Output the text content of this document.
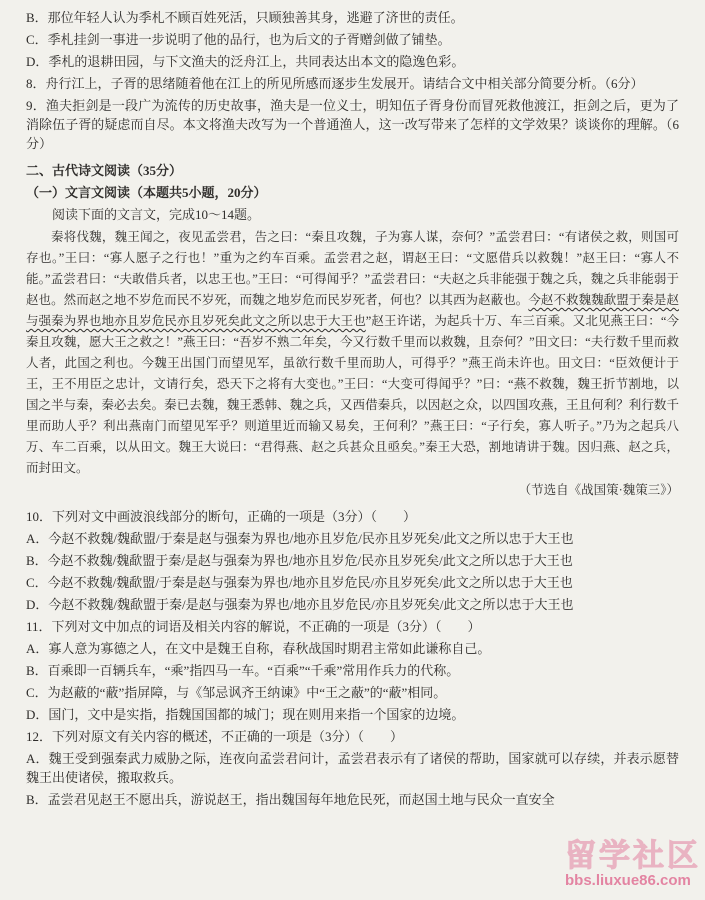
B．那位年轻人认为季札不顾百姓死活，只顾独善其身，逃避了济世的责任。

C．季札挂剑一事进一步说明了他的品行，也为后文的子胥赠剑做了铺垫。

D．季札的退耕田园，与下文渔夫的泛舟江上，共同表达出本文的隐逸色彩。

8．舟行江上，子胥的思绪随着他在江上的所见所感而逐步生发展开。请结合文中相关部分简要分析。（6分）

9．渔夫拒剑是一段广为流传的历史故事，渔夫是一位义士，明知伍子胥身份而冒死救他渡江，拒剑之后，更为了消除伍子胥的疑虑而自尽。本文将渔夫改写为一个普通渔人，这一改写带来了怎样的文学效果？谈谈你的理解。（6分）

二、古代诗文阅读（35分）

（一）文言文阅读（本题共5小题，20分）

阅读下面的文言文，完成10～14题。

秦将伐魏，魏王闻之，夜见孟尝君，告之曰：“秦且攻魏，子为寡人谋，奈何？”孟尝君曰：“有诸侯之救，则国可存也。”王曰：“寡人愿子之行也！”重为之约车百乘。孟尝君之赵，谓赵王曰：“文愿借兵以救魏！”赵王曰：“寡人不能。”孟尝君曰：“夫敢借兵者，以忠王也。”王曰：“可得闻乎？”孟尝君曰：“夫赵之兵非能强于魏之兵，魏之兵非能弱于赵也。然而赵之地不岁危而民不岁死，而魏之地岁危而民岁死者，何也？以其西为赵蔽也。今赵不救魏魏歃盟于秦是赵与强秦为界也地亦且岁危民亦且岁死矣此文之所以忠于大王也”赵王许诺，为起兵十万、车三百乘。又北见燕王曰：“今秦且攻魏，愿大王之救之！”燕王曰：“吾岁不熟二年矣，今又行数千里而以救魏，且奈何？”田文曰：“夫行数千里而救人者，此国之利也。今魏王出国门而望见军，虽欲行数千里而助人，可得乎？”燕王尚未许也。田文曰：“臣效便计于王，王不用臣之忠计，文请行矣，恐天下之将有大变也。”王曰：“大变可得闻乎？”曰：“燕不救魏，魏王折节割地，以国之半与秦，秦必去矣。秦已去魏，魏王悉韩、魏之兵，又西借秦兵，以因赵之众，以四国攻燕，王且何利？利行数千里而助人乎？利出燕南门而望见军乎？则道里近而输又易矣，王何利？”燕王曰：“子行矣，寡人听子。”乃为之起兵八万、车二百乘，以从田文。魏王大说曰：“君得燕、赵之兵甚众且亟矣。”秦王大恐，割地请讲于魏。因归燕、赵之兵，而封田文。

（节选自《战国策·魏策三》）

10．下列对文中画波浪线部分的断句，正确的一项是（3分）（　　）

A．今赵不救魏/魏歃盟/于秦是赵与强秦为界也/地亦且岁危/民亦且岁死矣/此文之所以忠于大王也

B．今赵不救魏/魏歃盟于秦/是赵与强秦为界也/地亦且岁危/民亦且岁死矣/此文之所以忠于大王也

C．今赵不救魏/魏歃盟/于秦是赵与强秦为界也/地亦且岁危民/亦且岁死矣/此文之所以忠于大王也

D．今赵不救魏/魏歃盟于秦/是赵与强秦为界也/地亦且岁危民/亦且岁死矣/此文之所以忠于大王也

11．下列对文中加点的词语及相关内容的解说，不正确的一项是（3分）（　　）

A．寡人意为寡德之人，在文中是魏王自称，春秋战国时期君主常如此谦称自己。

B．百乘即一百辆兵车，“乘”指四马一车。“百乘”“千乘”常用作兵力的代称。

C．为赵蔽的“蔽”指屏障，与《邹忌讽齐王纳谏》中“王之蔽”的“蔽”相同。

D．国门，文中是实指，指魏国国都的城门；现在则用来指一个国家的边境。

12．下列对原文有关内容的概述，不正确的一项是（3分）（　　）

A．魏王受到强秦武力威胁之际，连夜向孟尝君问计，孟尝君表示有了诸侯的帮助，国家就可以存续，并表示愿替魏王出使诸侯，搬取救兵。

B．孟尝君见赵王不愿出兵，游说赵王，指出魏国每年地危民死，而赵国土地与民众一直安全

留学社区
bbs.liuxue86.com
